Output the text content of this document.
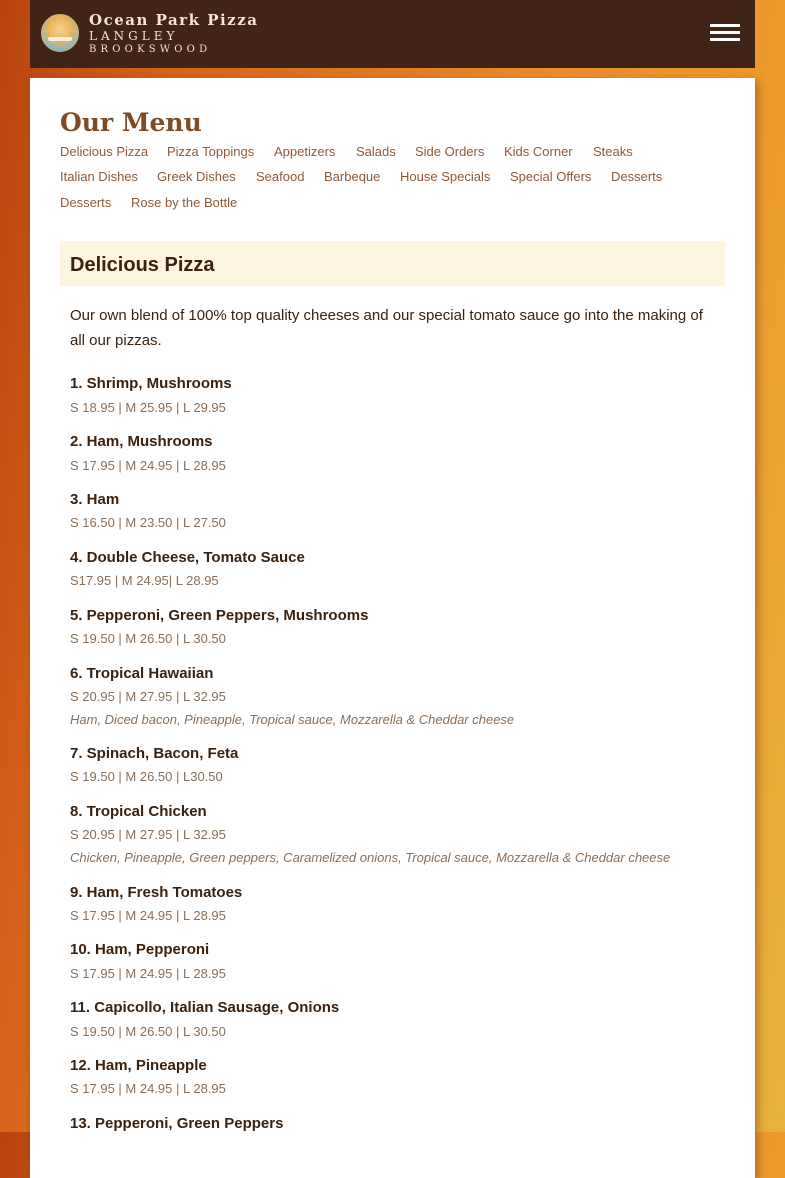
Ocean Park Pizza
LANGLEY
BROOKSWOOD
Our Menu
Delicious Pizza Pizza Toppings Appetizers Salads Side Orders Kids Corner Steaks
Italian Dishes Greek Dishes Seafood Barbeque House Specials Special Offers Desserts
Desserts Rose by the Bottle
Delicious Pizza

Our own blend of 100% top quality cheeses and our special tomato sauce go into the making of all our pizzas.

1. Shrimp, Mushrooms

S 18.95 | M 25.95 | L 29.95

2. Ham, Mushrooms

S 17.95 | M 24.95 | L 28.95

3. Ham

S 16.50 | M 23.50 | L 27.50

4. Double Cheese, Tomato Sauce

S17.95 | M 24.95| L 28.95

5. Pepperoni, Green Peppers, Mushrooms

S 19.50 | M 26.50 | L 30.50

6. Tropical Hawaiian

S 20.95 | M 27.95 | L 32.95

Ham, Diced bacon, Pineapple, Tropical sauce, Mozzarella & Cheddar cheese

7. Spinach, Bacon, Feta

S 19.50 | M 26.50 | L30.50

8. Tropical Chicken

S 20.95 | M 27.95 | L 32.95

Chicken, Pineapple, Green peppers, Caramelized onions, Tropical sauce, Mozzarella & Cheddar cheese

9. Ham, Fresh Tomatoes

S 17.95 | M 24.95 | L 28.95

10. Ham, Pepperoni

S 17.95 | M 24.95 | L 28.95

11. Capicollo, Italian Sausage, Onions

S 19.50 | M 26.50 | L 30.50

12. Ham, Pineapple

S 17.95 | M 24.95 | L 28.95

13. Pepperoni, Green Peppers
